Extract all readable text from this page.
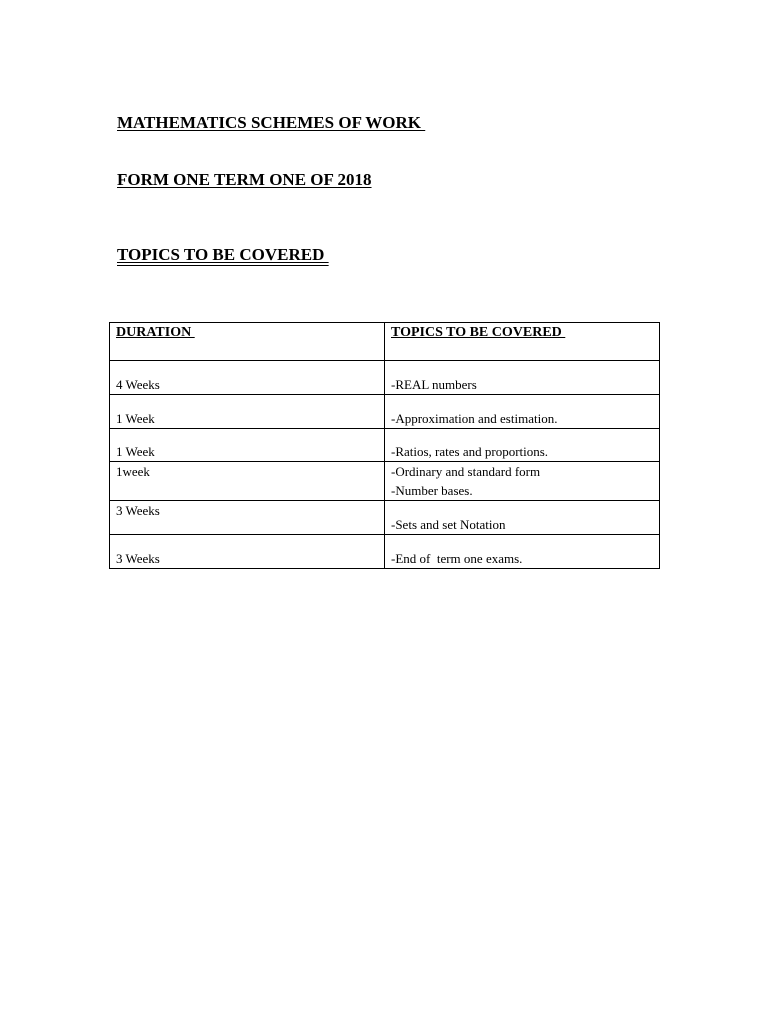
MATHEMATICS SCHEMES OF WORK

FORM ONE TERM ONE OF 2018

TOPICS TO BE COVERED

DURATION	TOPICS TO BE COVERED
4 Weeks	-REAL numbers

1 Week	-Approximation and estimation.

1 Week	-Ratios, rates and proportions.

1week	-Ordinary and standard form
-Number bases.

3 Weeks	-Sets and set Notation

3 Weeks	-End of  term one exams.
